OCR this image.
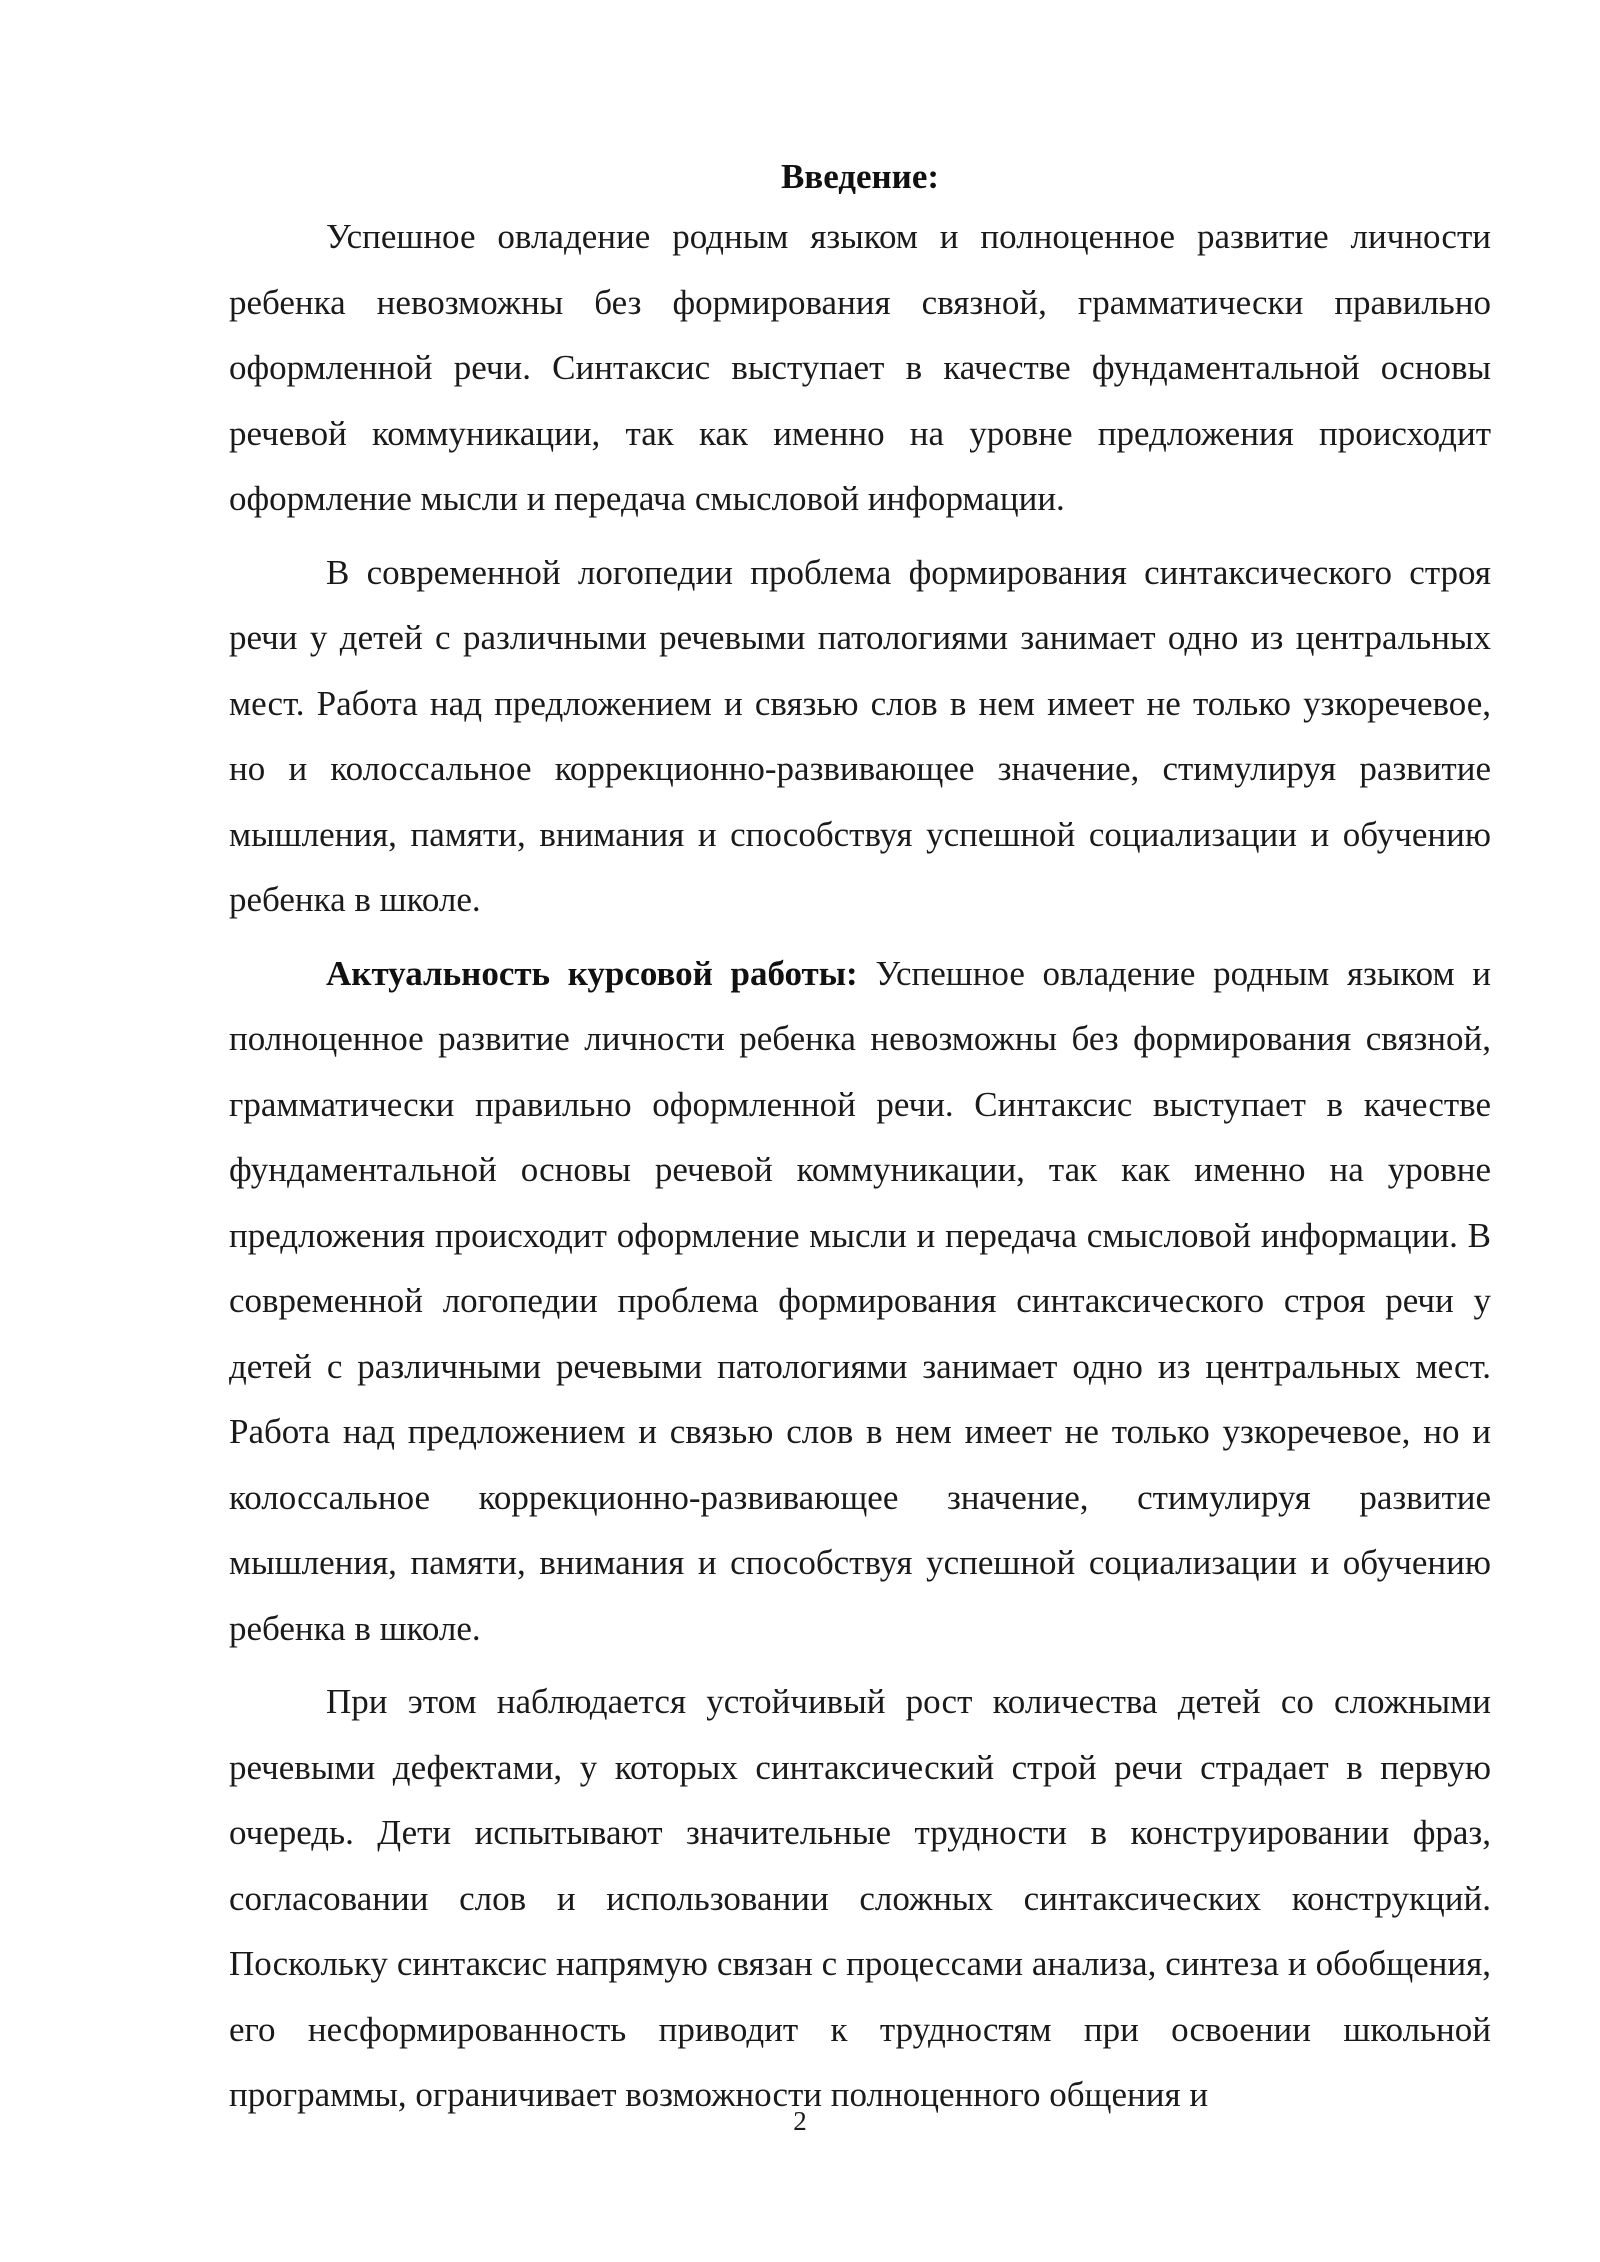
Введение:

Успешное овладение родным языком и полноценное развитие личности ребенка невозможны без формирования связной, грамматически правильно оформленной речи. Синтаксис выступает в качестве фундаментальной основы речевой коммуникации, так как именно на уровне предложения происходит оформление мысли и передача смысловой информации.

В современной логопедии проблема формирования синтаксического строя речи у детей с различными речевыми патологиями занимает одно из центральных мест. Работа над предложением и связью слов в нем имеет не только узкоречевое, но и колоссальное коррекционно-развивающее значение, стимулируя развитие мышления, памяти, внимания и способствуя успешной социализации и обучению ребенка в школе.

Актуальность курсовой работы: Успешное овладение родным языком и полноценное развитие личности ребенка невозможны без формирования связной, грамматически правильно оформленной речи. Синтаксис выступает в качестве фундаментальной основы речевой коммуникации, так как именно на уровне предложения происходит оформление мысли и передача смысловой информации. В современной логопедии проблема формирования синтаксического строя речи у детей с различными речевыми патологиями занимает одно из центральных мест. Работа над предложением и связью слов в нем имеет не только узкоречевое, но и колоссальное коррекционно-развивающее значение, стимулируя развитие мышления, памяти, внимания и способствуя успешной социализации и обучению ребенка в школе.

При этом наблюдается устойчивый рост количества детей со сложными речевыми дефектами, у которых синтаксический строй речи страдает в первую очередь. Дети испытывают значительные трудности в конструировании фраз, согласовании слов и использовании сложных синтаксических конструкций. Поскольку синтаксис напрямую связан с процессами анализа, синтеза и обобщения, его несформированность приводит к трудностям при освоении школьной программы, ограничивает возможности полноценного общения и

2
